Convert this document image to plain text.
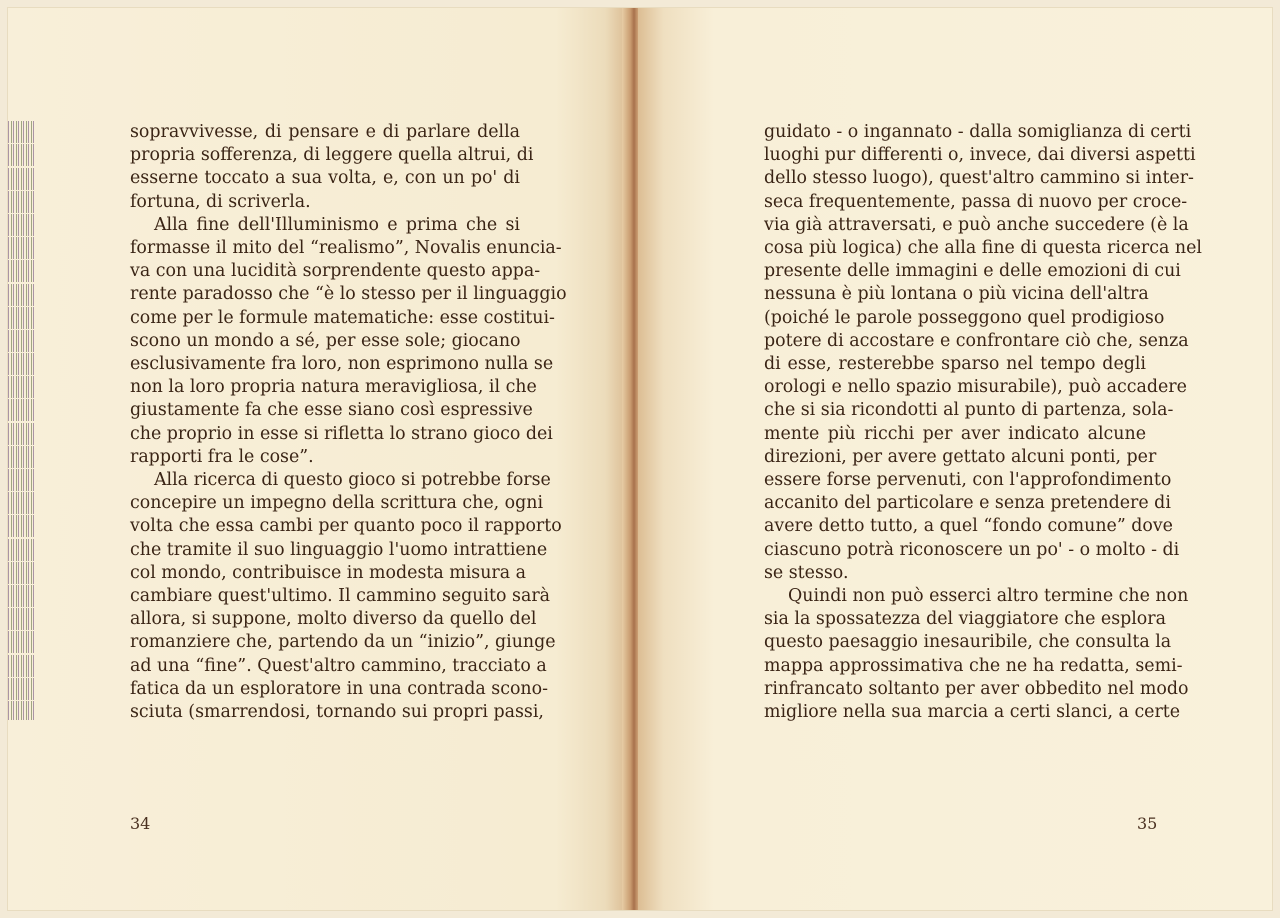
sopravvivesse, di pensare e di parlare della
propria sofferenza, di leggere quella altrui, di
esserne toccato a sua volta, e, con un po' di
fortuna, di scriverla.
Alla fine dell'Illuminismo e prima che si
formasse il mito del “realismo”, Novalis enuncia-
va con una lucidità sorprendente questo appa-
rente paradosso che “è lo stesso per il linguaggio
come per le formule matematiche: esse costitui-
scono un mondo a sé, per esse sole; giocano
esclusivamente fra loro, non esprimono nulla se
non la loro propria natura meravigliosa, il che
giustamente fa che esse siano così espressive
che proprio in esse si rifletta lo strano gioco dei
rapporti fra le cose”.
Alla ricerca di questo gioco si potrebbe forse
concepire un impegno della scrittura che, ogni
volta che essa cambi per quanto poco il rapporto
che tramite il suo linguaggio l'uomo intrattiene
col mondo, contribuisce in modesta misura a
cambiare quest'ultimo. Il cammino seguito sarà
allora, si suppone, molto diverso da quello del
romanziere che, partendo da un “inizio”, giunge
ad una “fine”. Quest'altro cammino, tracciato a
fatica da un esploratore in una contrada scono-
sciuta (smarrendosi, tornando sui propri passi,
34
guidato - o ingannato - dalla somiglianza di certi
luoghi pur differenti o, invece, dai diversi aspetti
dello stesso luogo), quest'altro cammino si inter-
seca frequentemente, passa di nuovo per croce-
via già attraversati, e può anche succedere (è la
cosa più logica) che alla fine di questa ricerca nel
presente delle immagini e delle emozioni di cui
nessuna è più lontana o più vicina dell'altra
(poiché le parole posseggono quel prodigioso
potere di accostare e confrontare ciò che, senza
di esse, resterebbe sparso nel tempo degli
orologi e nello spazio misurabile), può accadere
che si sia ricondotti al punto di partenza, sola-
mente più ricchi per aver indicato alcune
direzioni, per avere gettato alcuni ponti, per
essere forse pervenuti, con l'approfondimento
accanito del particolare e senza pretendere di
avere detto tutto, a quel “fondo comune” dove
ciascuno potrà riconoscere un po' - o molto - di
se stesso.
Quindi non può esserci altro termine che non
sia la spossatezza del viaggiatore che esplora
questo paesaggio inesauribile, che consulta la
mappa approssimativa che ne ha redatta, semi-
rinfrancato soltanto per aver obbedito nel modo
migliore nella sua marcia a certi slanci, a certe
35
